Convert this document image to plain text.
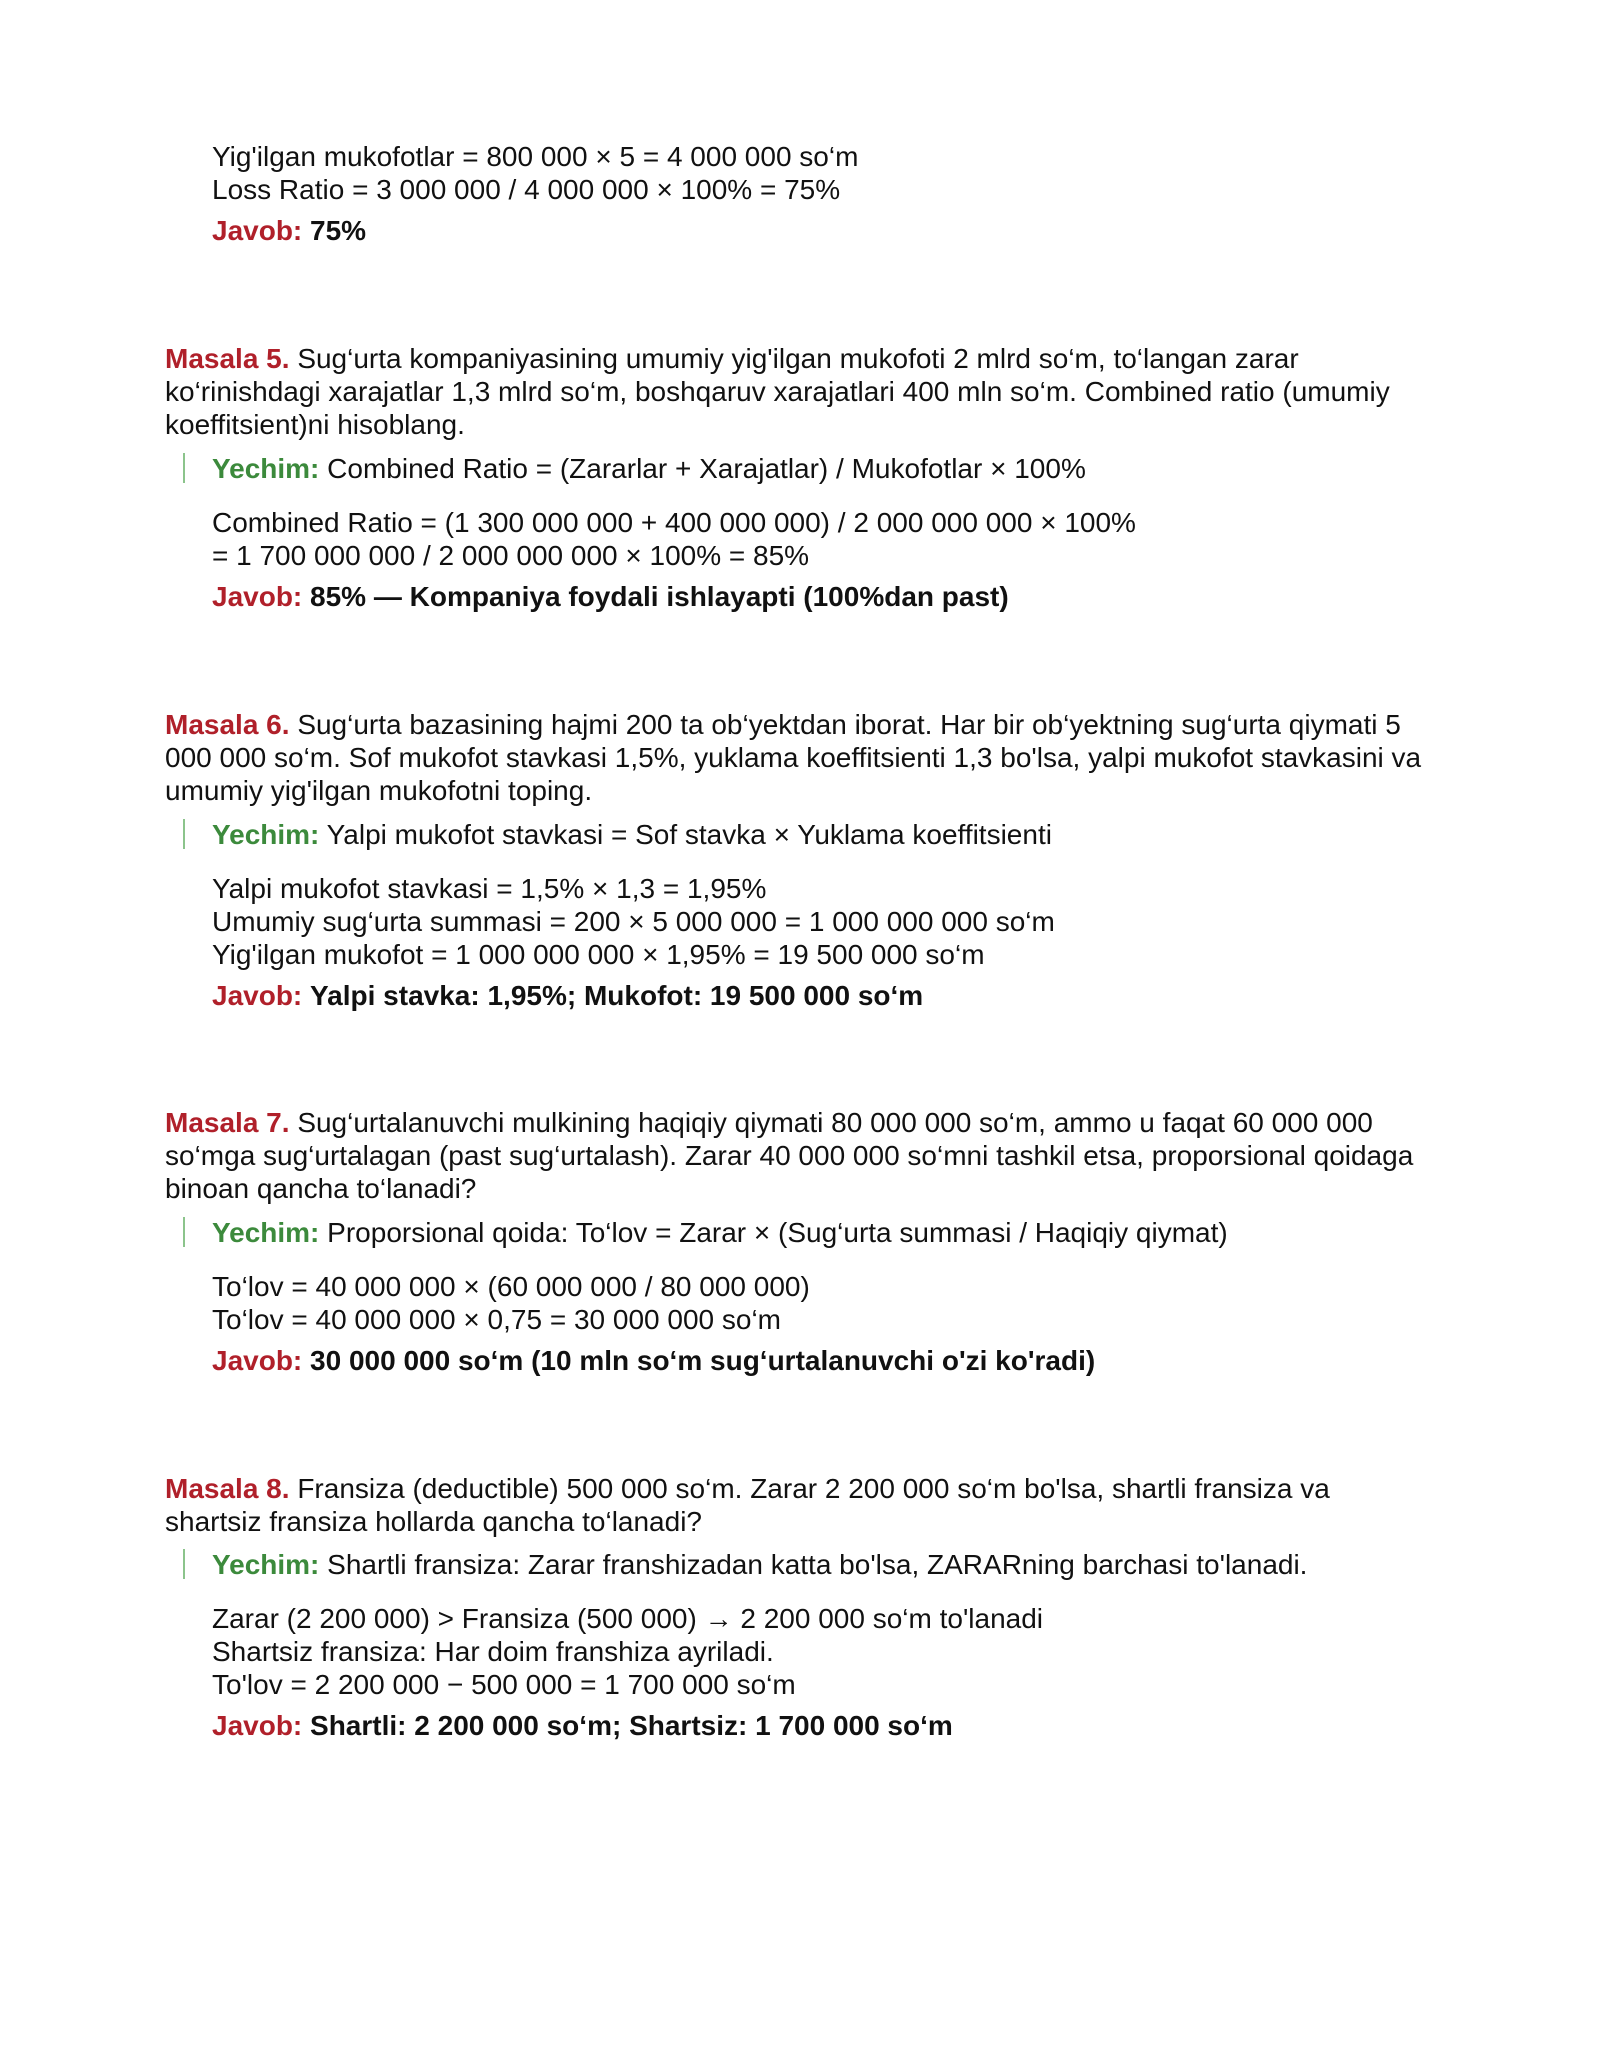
Yig'ilgan mukofotlar = 800 000 × 5 = 4 000 000 so‘m
Loss Ratio = 3 000 000 / 4 000 000 × 100% = 75%
Javob: 75%
Masala 5. Sug‘urta kompaniyasining umumiy yig'ilgan mukofoti 2 mlrd so‘m, to‘langan zarar
ko‘rinishdagi xarajatlar 1,3 mlrd so‘m, boshqaruv xarajatlari 400 mln so‘m. Combined ratio (umumiy
koeffitsient)ni hisoblang.
Yechim: Combined Ratio = (Zararlar + Xarajatlar) / Mukofotlar × 100%
Combined Ratio = (1 300 000 000 + 400 000 000) / 2 000 000 000 × 100%
= 1 700 000 000 / 2 000 000 000 × 100% = 85%
Javob: 85% — Kompaniya foydali ishlayapti (100%dan past)
Masala 6. Sug‘urta bazasining hajmi 200 ta ob‘yektdan iborat. Har bir ob‘yektning sug‘urta qiymati 5
000 000 so‘m. Sof mukofot stavkasi 1,5%, yuklama koeffitsienti 1,3 bo'lsa, yalpi mukofot stavkasini va
umumiy yig'ilgan mukofotni toping.
Yechim: Yalpi mukofot stavkasi = Sof stavka × Yuklama koeffitsienti
Yalpi mukofot stavkasi = 1,5% × 1,3 = 1,95%
Umumiy sug‘urta summasi = 200 × 5 000 000 = 1 000 000 000 so‘m
Yig'ilgan mukofot = 1 000 000 000 × 1,95% = 19 500 000 so‘m
Javob: Yalpi stavka: 1,95%; Mukofot: 19 500 000 so‘m
Masala 7. Sug‘urtalanuvchi mulkining haqiqiy qiymati 80 000 000 so‘m, ammo u faqat 60 000 000
so‘mga sug‘urtalagan (past sug‘urtalash). Zarar 40 000 000 so‘mni tashkil etsa, proporsional qoidaga
binoan qancha to‘lanadi?
Yechim: Proporsional qoida: To‘lov = Zarar × (Sug‘urta summasi / Haqiqiy qiymat)
To‘lov = 40 000 000 × (60 000 000 / 80 000 000)
To‘lov = 40 000 000 × 0,75 = 30 000 000 so‘m
Javob: 30 000 000 so‘m (10 mln so‘m sug‘urtalanuvchi o'zi ko'radi)
Masala 8. Fransiza (deductible) 500 000 so‘m. Zarar 2 200 000 so‘m bo'lsa, shartli fransiza va
shartsiz fransiza hollarda qancha to‘lanadi?
Yechim: Shartli fransiza: Zarar franshizadan katta bo'lsa, ZARARning barchasi to'lanadi.
Zarar (2 200 000) > Fransiza (500 000) → 2 200 000 so‘m to'lanadi
Shartsiz fransiza: Har doim franshiza ayriladi.
To'lov = 2 200 000 − 500 000 = 1 700 000 so‘m
Javob: Shartli: 2 200 000 so‘m; Shartsiz: 1 700 000 so‘m
